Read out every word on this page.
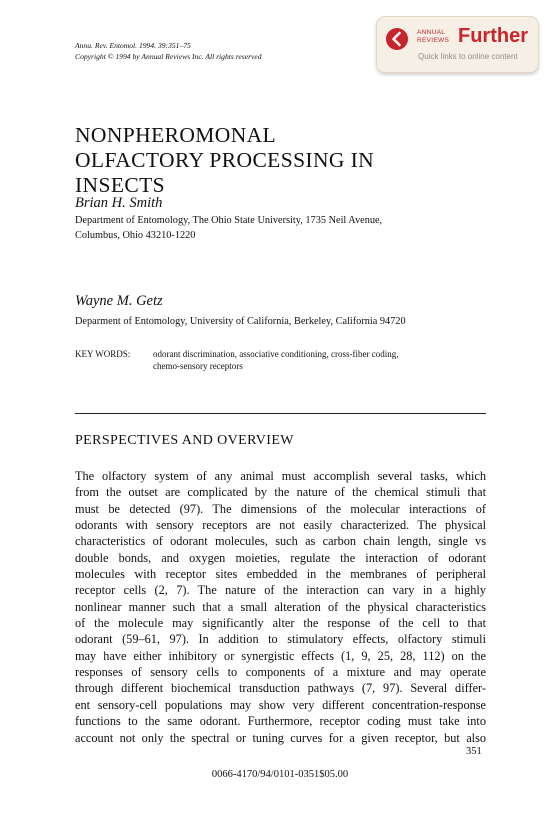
Annu. Rev. Entomol. 1994. 39:351–75
Copyright © 1994 by Annual Reviews Inc. All rights reserved
ANNUAL
REVIEWS Further
Quick links to online content
NONPHEROMONAL
OLFACTORY PROCESSING IN
INSECTS
Brian H. Smith
Department of Entomology, The Ohio State University, 1735 Neil Avenue,
Columbus, Ohio 43210-1220
Wayne M. Getz
Deparment of Entomology, University of California, Berkeley, California 94720
KEY WORDS:	odorant discrimination, associative conditioning, cross-fiber coding,
chemo-sensory receptors
PERSPECTIVES AND OVERVIEW
The olfactory system of any animal must accomplish several tasks, which
from the outset are complicated by the nature of the chemical stimuli that
must be detected (97). The dimensions of the molecular interactions of
odorants with sensory receptors are not easily characterized. The physical
characteristics of odorant molecules, such as carbon chain length, single vs
double bonds, and oxygen moieties, regulate the interaction of odorant
molecules with receptor sites embedded in the membranes of peripheral
receptor cells (2, 7). The nature of the interaction can vary in a highly
nonlinear manner such that a small alteration of the physical characteristics
of the molecule may significantly alter the response of the cell to that
odorant (59–61, 97). In addition to stimulatory effects, olfactory stimuli
may have either inhibitory or synergistic effects (1, 9, 25, 28, 112) on the
responses of sensory cells to components of a mixture and may operate
through different biochemical transduction pathways (7, 97). Several differ-
ent sensory-cell populations may show very different concentration-response
functions to the same odorant. Furthermore, receptor coding must take into
account not only the spectral or tuning curves for a given receptor, but also
351
0066-4170/94/0101-0351$05.00
